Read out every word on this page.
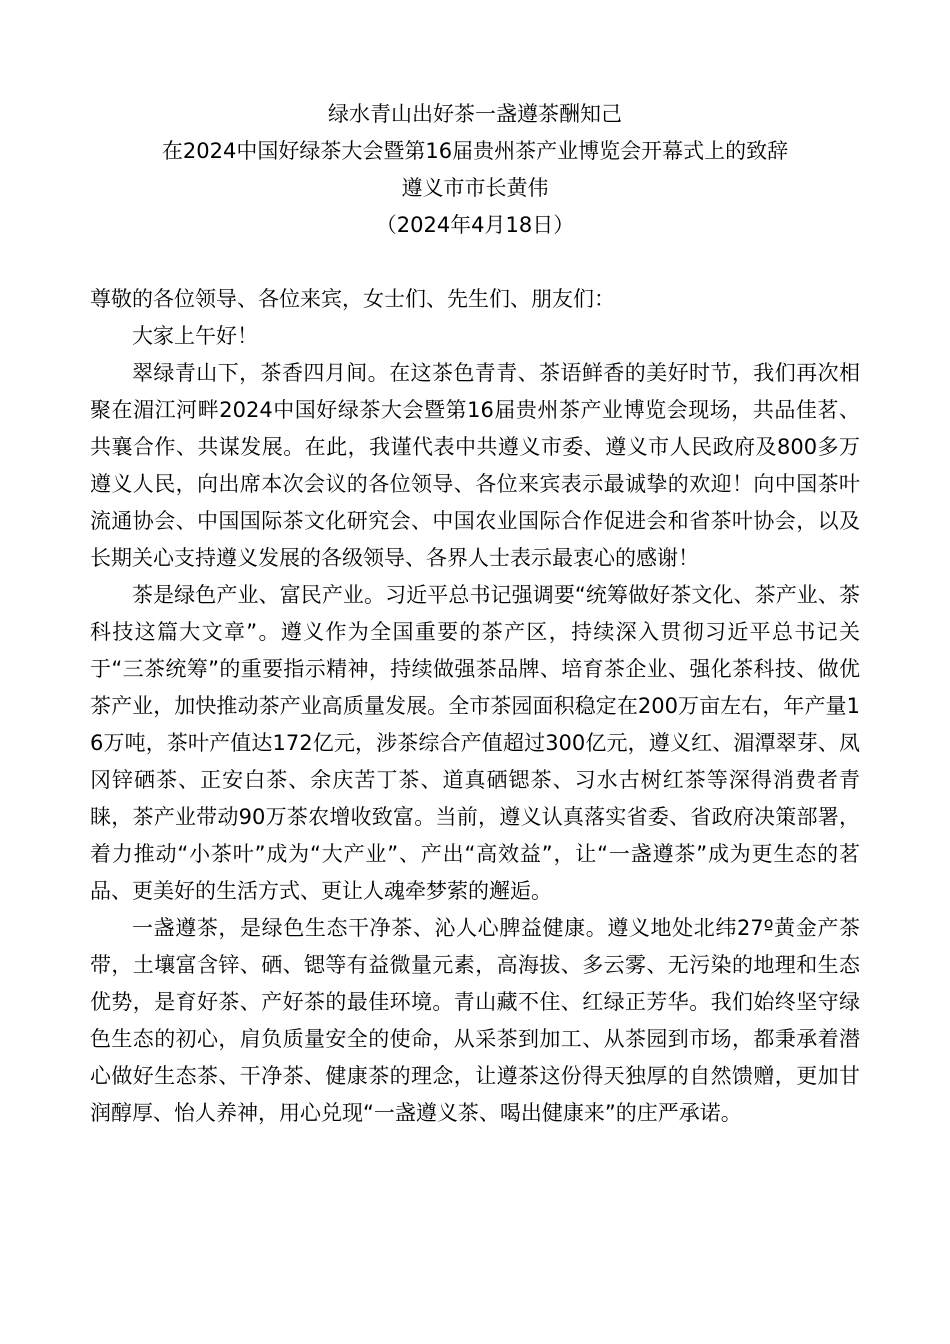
绿水青山出好茶一盏遵茶酬知己
在2024中国好绿茶大会暨第16届贵州茶产业博览会开幕式上的致辞
遵义市市长黄伟
（2024年4月18日）

尊敬的各位领导、各位来宾，女士们、先生们、朋友们：

大家上午好！

翠绿青山下，茶香四月间。在这茶色青青、茶语鲜香的美好时节，我们再次相聚在湄江河畔2024中国好绿茶大会暨第16届贵州茶产业博览会现场，共品佳茗、共襄合作、共谋发展。在此，我谨代表中共遵义市委、遵义市人民政府及800多万遵义人民，向出席本次会议的各位领导、各位来宾表示最诚挚的欢迎！向中国茶叶流通协会、中国国际茶文化研究会、中国农业国际合作促进会和省茶叶协会，以及长期关心支持遵义发展的各级领导、各界人士表示最衷心的感谢！

茶是绿色产业、富民产业。习近平总书记强调要“统筹做好茶文化、茶产业、茶科技这篇大文章”。遵义作为全国重要的茶产区，持续深入贯彻习近平总书记关于“三茶统筹”的重要指示精神，持续做强茶品牌、培育茶企业、强化茶科技、做优茶产业，加快推动茶产业高质量发展。全市茶园面积稳定在200万亩左右，年产量16万吨，茶叶产值达172亿元，涉茶综合产值超过300亿元，遵义红、湄潭翠芽、凤冈锌硒茶、正安白茶、余庆苦丁茶、道真硒锶茶、习水古树红茶等深得消费者青睐，茶产业带动90万茶农增收致富。当前，遵义认真落实省委、省政府决策部署，着力推动“小茶叶”成为“大产业”、产出“高效益”，让“一盏遵茶”成为更生态的茗品、更美好的生活方式、更让人魂牵梦萦的邂逅。

一盏遵茶，是绿色生态干净茶、沁人心脾益健康。遵义地处北纬27º黄金产茶带，土壤富含锌、硒、锶等有益微量元素，高海拔、多云雾、无污染的地理和生态优势，是育好茶、产好茶的最佳环境。青山藏不住、红绿正芳华。我们始终坚守绿色生态的初心，肩负质量安全的使命，从采茶到加工、从茶园到市场，都秉承着潜心做好生态茶、干净茶、健康茶的理念，让遵茶这份得天独厚的自然馈赠，更加甘润醇厚、怡人养神，用心兑现“一盏遵义茶、喝出健康来”的庄严承诺。
